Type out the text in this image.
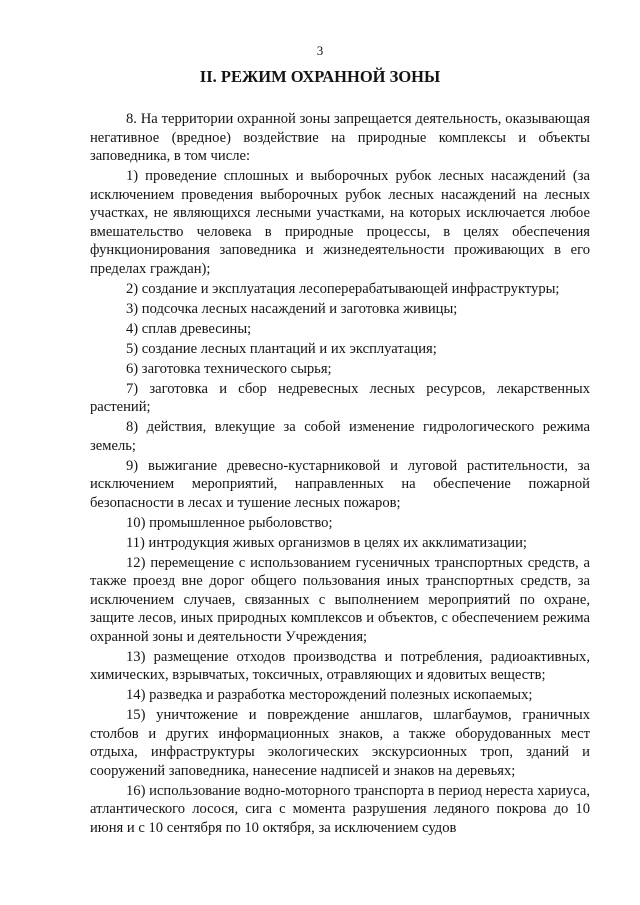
3
II. РЕЖИМ ОХРАННОЙ ЗОНЫ

8. На территории охранной зоны запрещается деятельность, оказывающая негативное (вредное) воздействие на природные комплексы и объекты заповедника, в том числе:

1) проведение сплошных и выборочных рубок лесных насаждений (за исключением проведения выборочных рубок лесных насаждений на лесных участках, не являющихся лесными участками, на которых исключается любое вмешательство человека в природные процессы, в целях обеспечения функционирования заповедника и жизнедеятельности проживающих в его пределах граждан);

2) создание и эксплуатация лесоперерабатывающей инфраструктуры;

3) подсочка лесных насаждений и заготовка живицы;

4) сплав древесины;

5) создание лесных плантаций и их эксплуатация;

6) заготовка технического сырья;

7) заготовка и сбор недревесных лесных ресурсов, лекарственных растений;

8) действия, влекущие за собой изменение гидрологического режима земель;

9) выжигание древесно-кустарниковой и луговой растительности, за исключением мероприятий, направленных на обеспечение пожарной безопасности в лесах и тушение лесных пожаров;

10) промышленное рыболовство;

11) интродукция живых организмов в целях их акклиматизации;

12) перемещение с использованием гусеничных транспортных средств, а также проезд вне дорог общего пользования иных транспортных средств, за исключением случаев, связанных с выполнением мероприятий по охране, защите лесов, иных природных комплексов и объектов, с обеспечением режима охранной зоны и деятельности Учреждения;

13) размещение отходов производства и потребления, радиоактивных, химических, взрывчатых, токсичных, отравляющих и ядовитых веществ;

14) разведка и разработка месторождений полезных ископаемых;

15) уничтожение и повреждение аншлагов, шлагбаумов, граничных столбов и других информационных знаков, а также оборудованных мест отдыха, инфраструктуры экологических экскурсионных троп, зданий и сооружений заповедника, нанесение надписей и знаков на деревьях;

16) использование водно-моторного транспорта в период нереста хариуса, атлантического лосося, сига с момента разрушения ледяного покрова до 10 июня и с 10 сентября по 10 октября, за исключением судов
